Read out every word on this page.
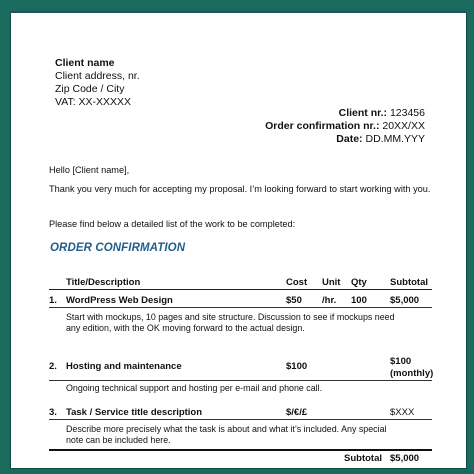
Client name
Client address, nr.
Zip Code / City
VAT: XX-XXXXX
Client nr.: 123456
Order confirmation nr.: 20XX/XX
Date: DD.MM.YYY
Hello [Client name],
Thank you very much for accepting my proposal. I’m looking forward to start working with you.
Please find below a detailed list of the work to be completed:
ORDER CONFIRMATION
Title/Description	Cost Unit Qty Subtotal
1. WordPress Web Design	$50 /hr. 100 $5,000
Start with mockups, 10 pages and site structure. Discussion to see if mockups need any edition, with the OK moving forward to the actual design.
2. Hosting and maintenance	$100	$100
(monthly)
Ongoing technical support and hosting per e-mail and phone call.
3. Task / Service title description	$/€/£	$XXX
Describe more precisely what the task is about and what it’s included. Any special note can be included here.
Subtotal $5,000
